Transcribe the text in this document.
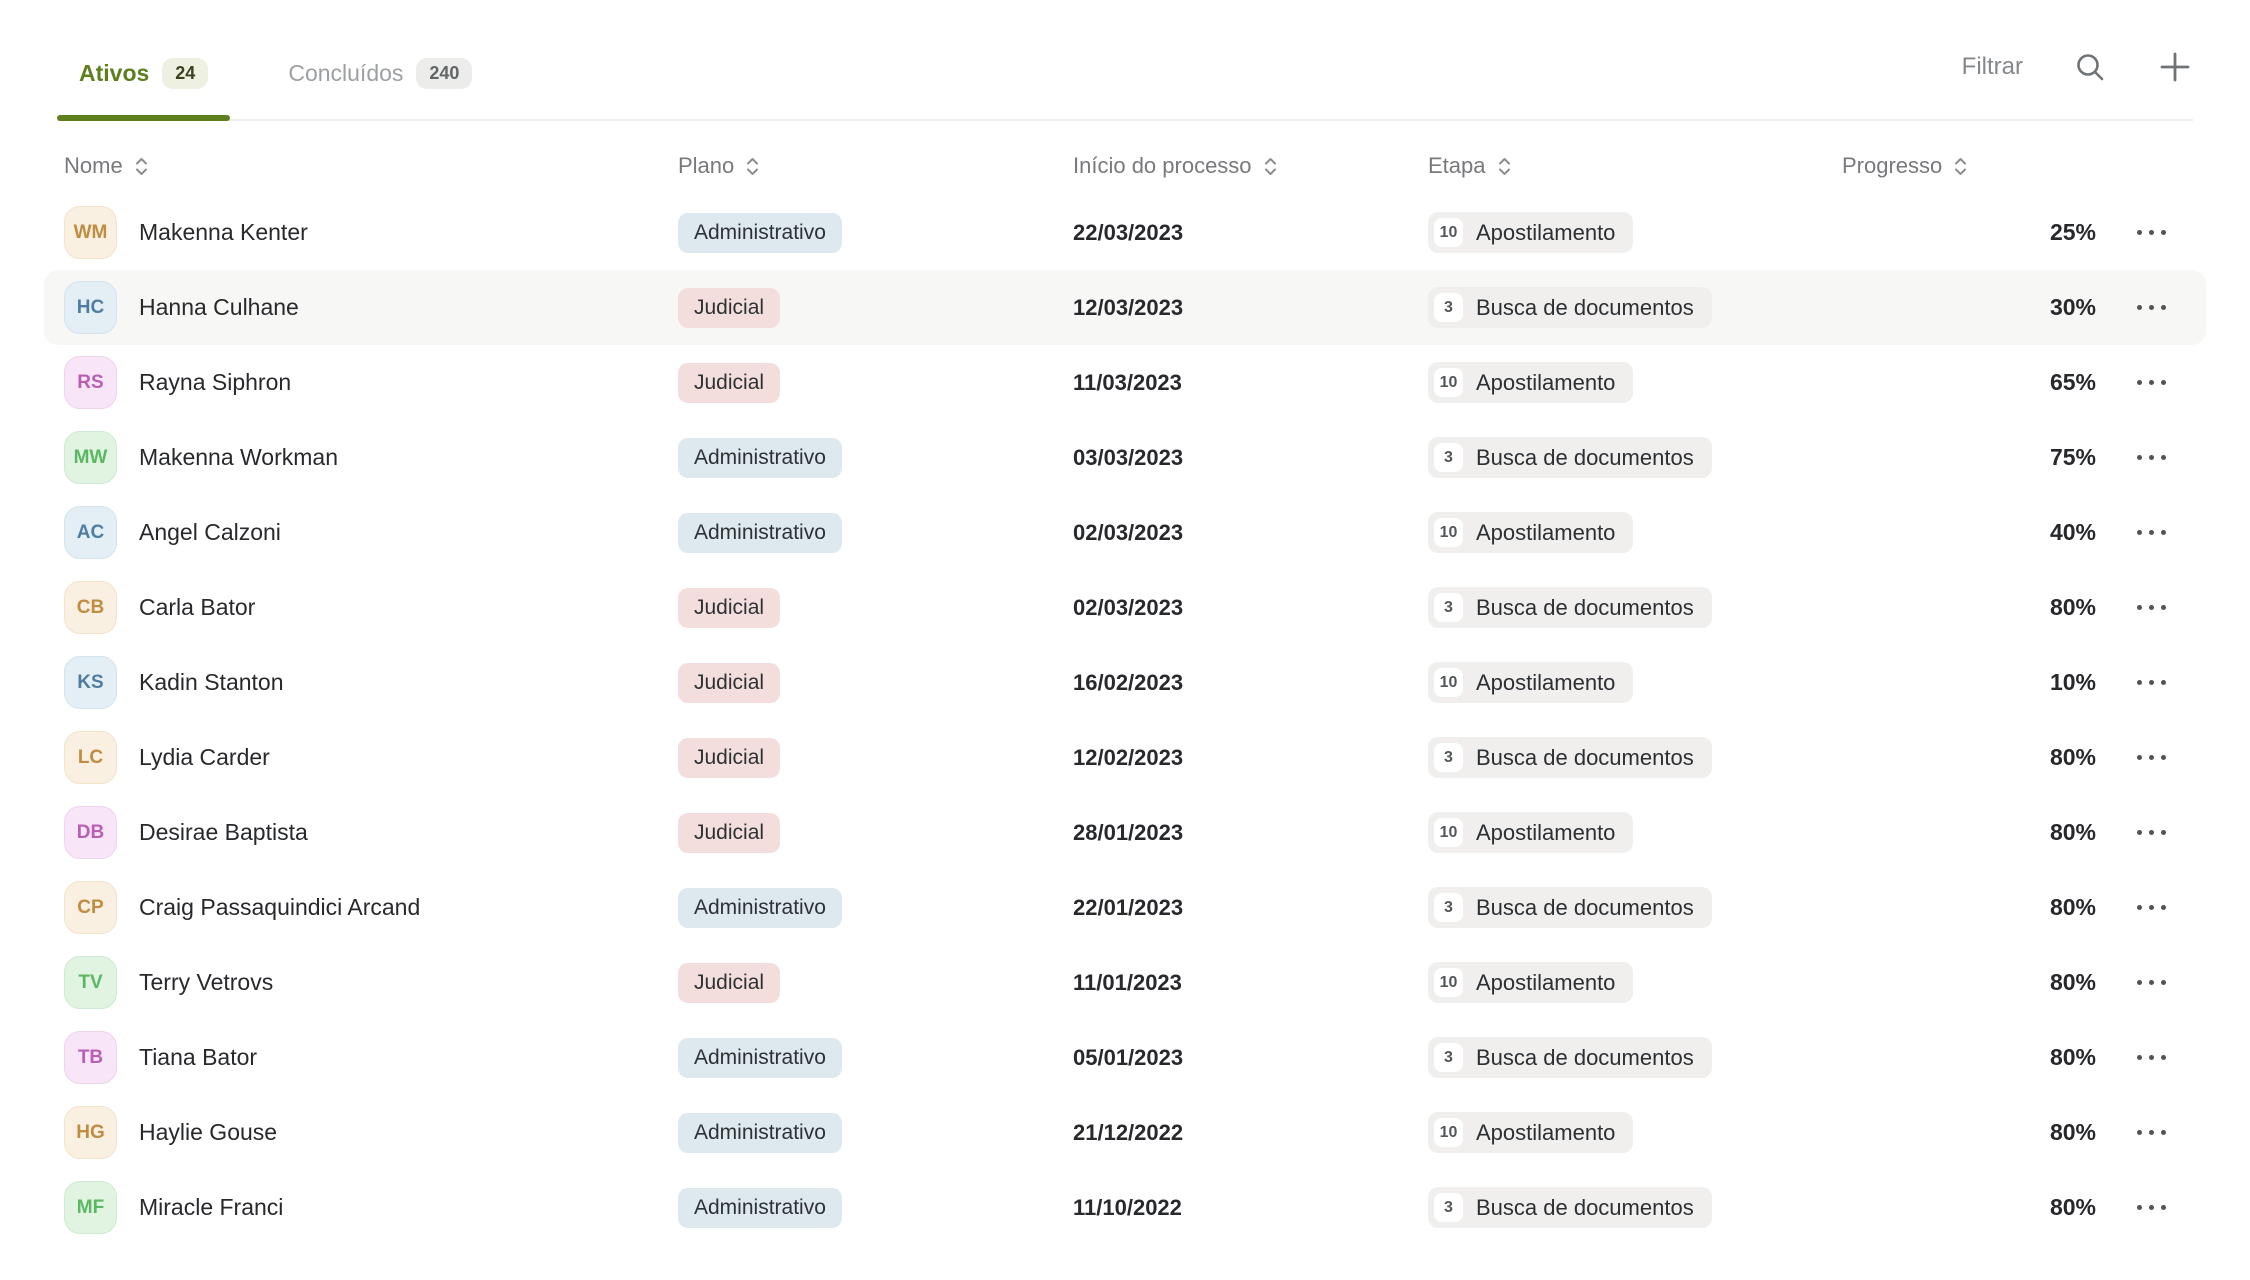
Ativos	24	Concluídos	240	Filtrar
Nome	Plano	Início do processo	Etapa	Progresso
WM	Makenna Kenter	Administrativo	22/03/2023	10 Apostilamento	25%
HC	Hanna Culhane	Judicial	12/03/2023	3	Busca de documentos	30%
RS	Rayna Siphron	Judicial	11/03/2023	10 Apostilamento	65%
MW	Makenna Workman	Administrativo	03/03/2023	3	Busca de documentos	75%
AC	Angel Calzoni	Administrativo	02/03/2023	10 Apostilamento	40%
CB	Carla Bator	Judicial	02/03/2023	3	Busca de documentos	80%
KS	Kadin Stanton	Judicial	16/02/2023	10 Apostilamento	10%
LC	Lydia Carder	Judicial	12/02/2023	3	Busca de documentos	80%
DB	Desirae Baptista	Judicial	28/01/2023	10 Apostilamento	80%
CP	Craig Passaquindici Arcand	Administrativo	22/01/2023	3	Busca de documentos	80%
TV	Terry Vetrovs	Judicial	11/01/2023	10 Apostilamento	80%
TB	Tiana Bator	Administrativo	05/01/2023	3	Busca de documentos	80%
HG	Haylie Gouse	Administrativo	21/12/2022	10 Apostilamento	80%
MF	Miracle Franci	Administrativo	11/10/2022	3	Busca de documentos	80%
